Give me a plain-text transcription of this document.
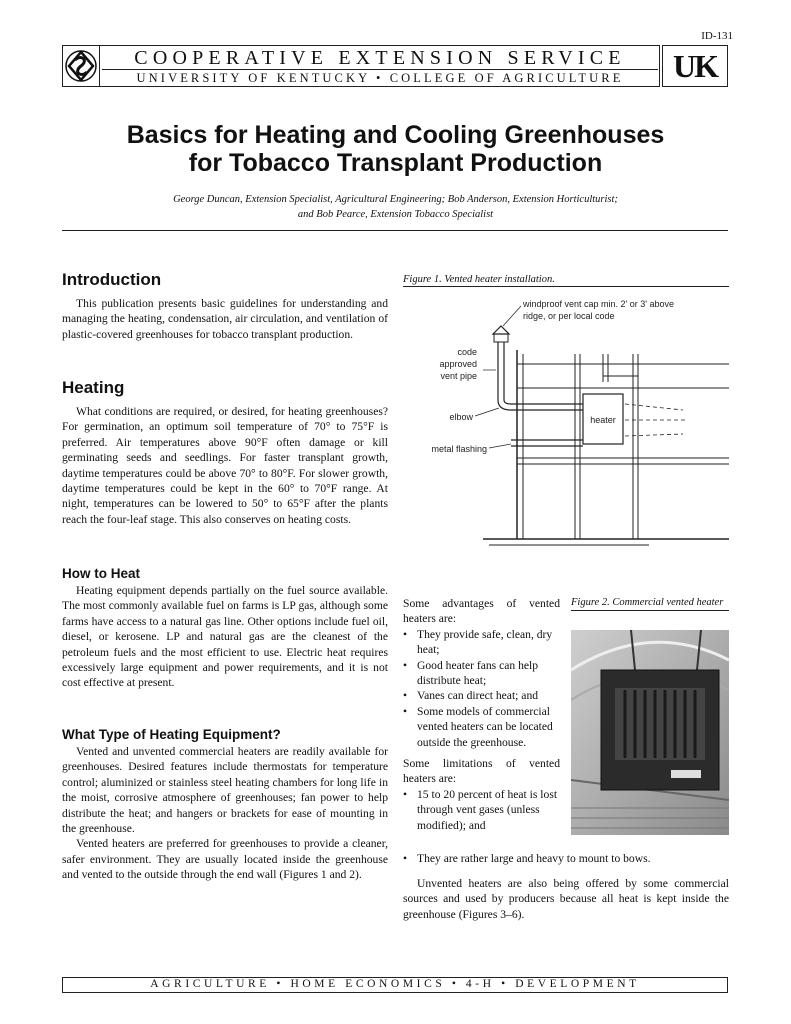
ID-131
COOPERATIVE EXTENSION SERVICE
UNIVERSITY OF KENTUCKY • COLLEGE OF AGRICULTURE	UK
Basics for Heating and Cooling Greenhouses
for Tobacco Transplant Production
George Duncan, Extension Specialist, Agricultural Engineering; Bob Anderson, Extension Horticulturist;
and Bob Pearce, Extension Tobacco Specialist
Introduction
This publication presents basic guidelines for understanding and managing the heating, condensation, air circulation, and ventilation of plastic-covered greenhouses for tobacco transplant production.
Heating
What conditions are required, or desired, for heating greenhouses? For germination, an optimum soil temperature of 70° to 75°F is preferred. Air temperatures above 90°F often damage or kill germinating seeds and seedlings. For faster transplant growth, daytime temperatures could be above 70° to 80°F. For slower growth, daytime temperatures could be kept in the 60° to 70°F range. At night, temperatures can be lowered to 50° to 65°F after the plants reach the four-leaf stage. This also conserves on heating costs.
How to Heat
Heating equipment depends partially on the fuel source available. The most commonly available fuel on farms is LP gas, although some farms have access to a natural gas line. Other options include fuel oil, diesel, or kerosene. LP and natural gas are the cleanest of the petroleum fuels and the most efficient to use. Electric heat requires excessively large equipment and power requirements, and it is not cost effective at present.
What Type of Heating Equipment?
Vented and unvented commercial heaters are readily available for greenhouses. Desired features include thermostats for temperature control; aluminized or stainless steel heating chambers for long life in the moist, corrosive atmosphere of greenhouses; fan power to help distribute the heat; and hangers or brackets for ease of mounting in the greenhouse.
Vented heaters are preferred for greenhouses to provide a cleaner, safer environment. They are usually located inside the greenhouse and vented to the outside through the end wall (Figures 1 and 2).
Figure 1. Vented heater installation.
windproof vent cap min. 2' or 3' above
ridge, or per local code
code
approved
vent pipe
elbow
metal flashing
heater
Some advantages of vented heaters are:
• They provide safe, clean, dry heat;
• Good heater fans can help distribute heat;
• Vanes can direct heat; and
• Some models of commercial vented heaters can be located outside the greenhouse.
Some limitations of vented heaters are:
• 15 to 20 percent of heat is lost through vent gases (unless modified); and
• They are rather large and heavy to mount to bows.
Unvented heaters are also being offered by some commercial sources and used by producers because all heat is kept inside the greenhouse (Figures 3–6).
Figure 2. Commercial vented heater
AGRICULTURE • HOME ECONOMICS • 4-H • DEVELOPMENT
